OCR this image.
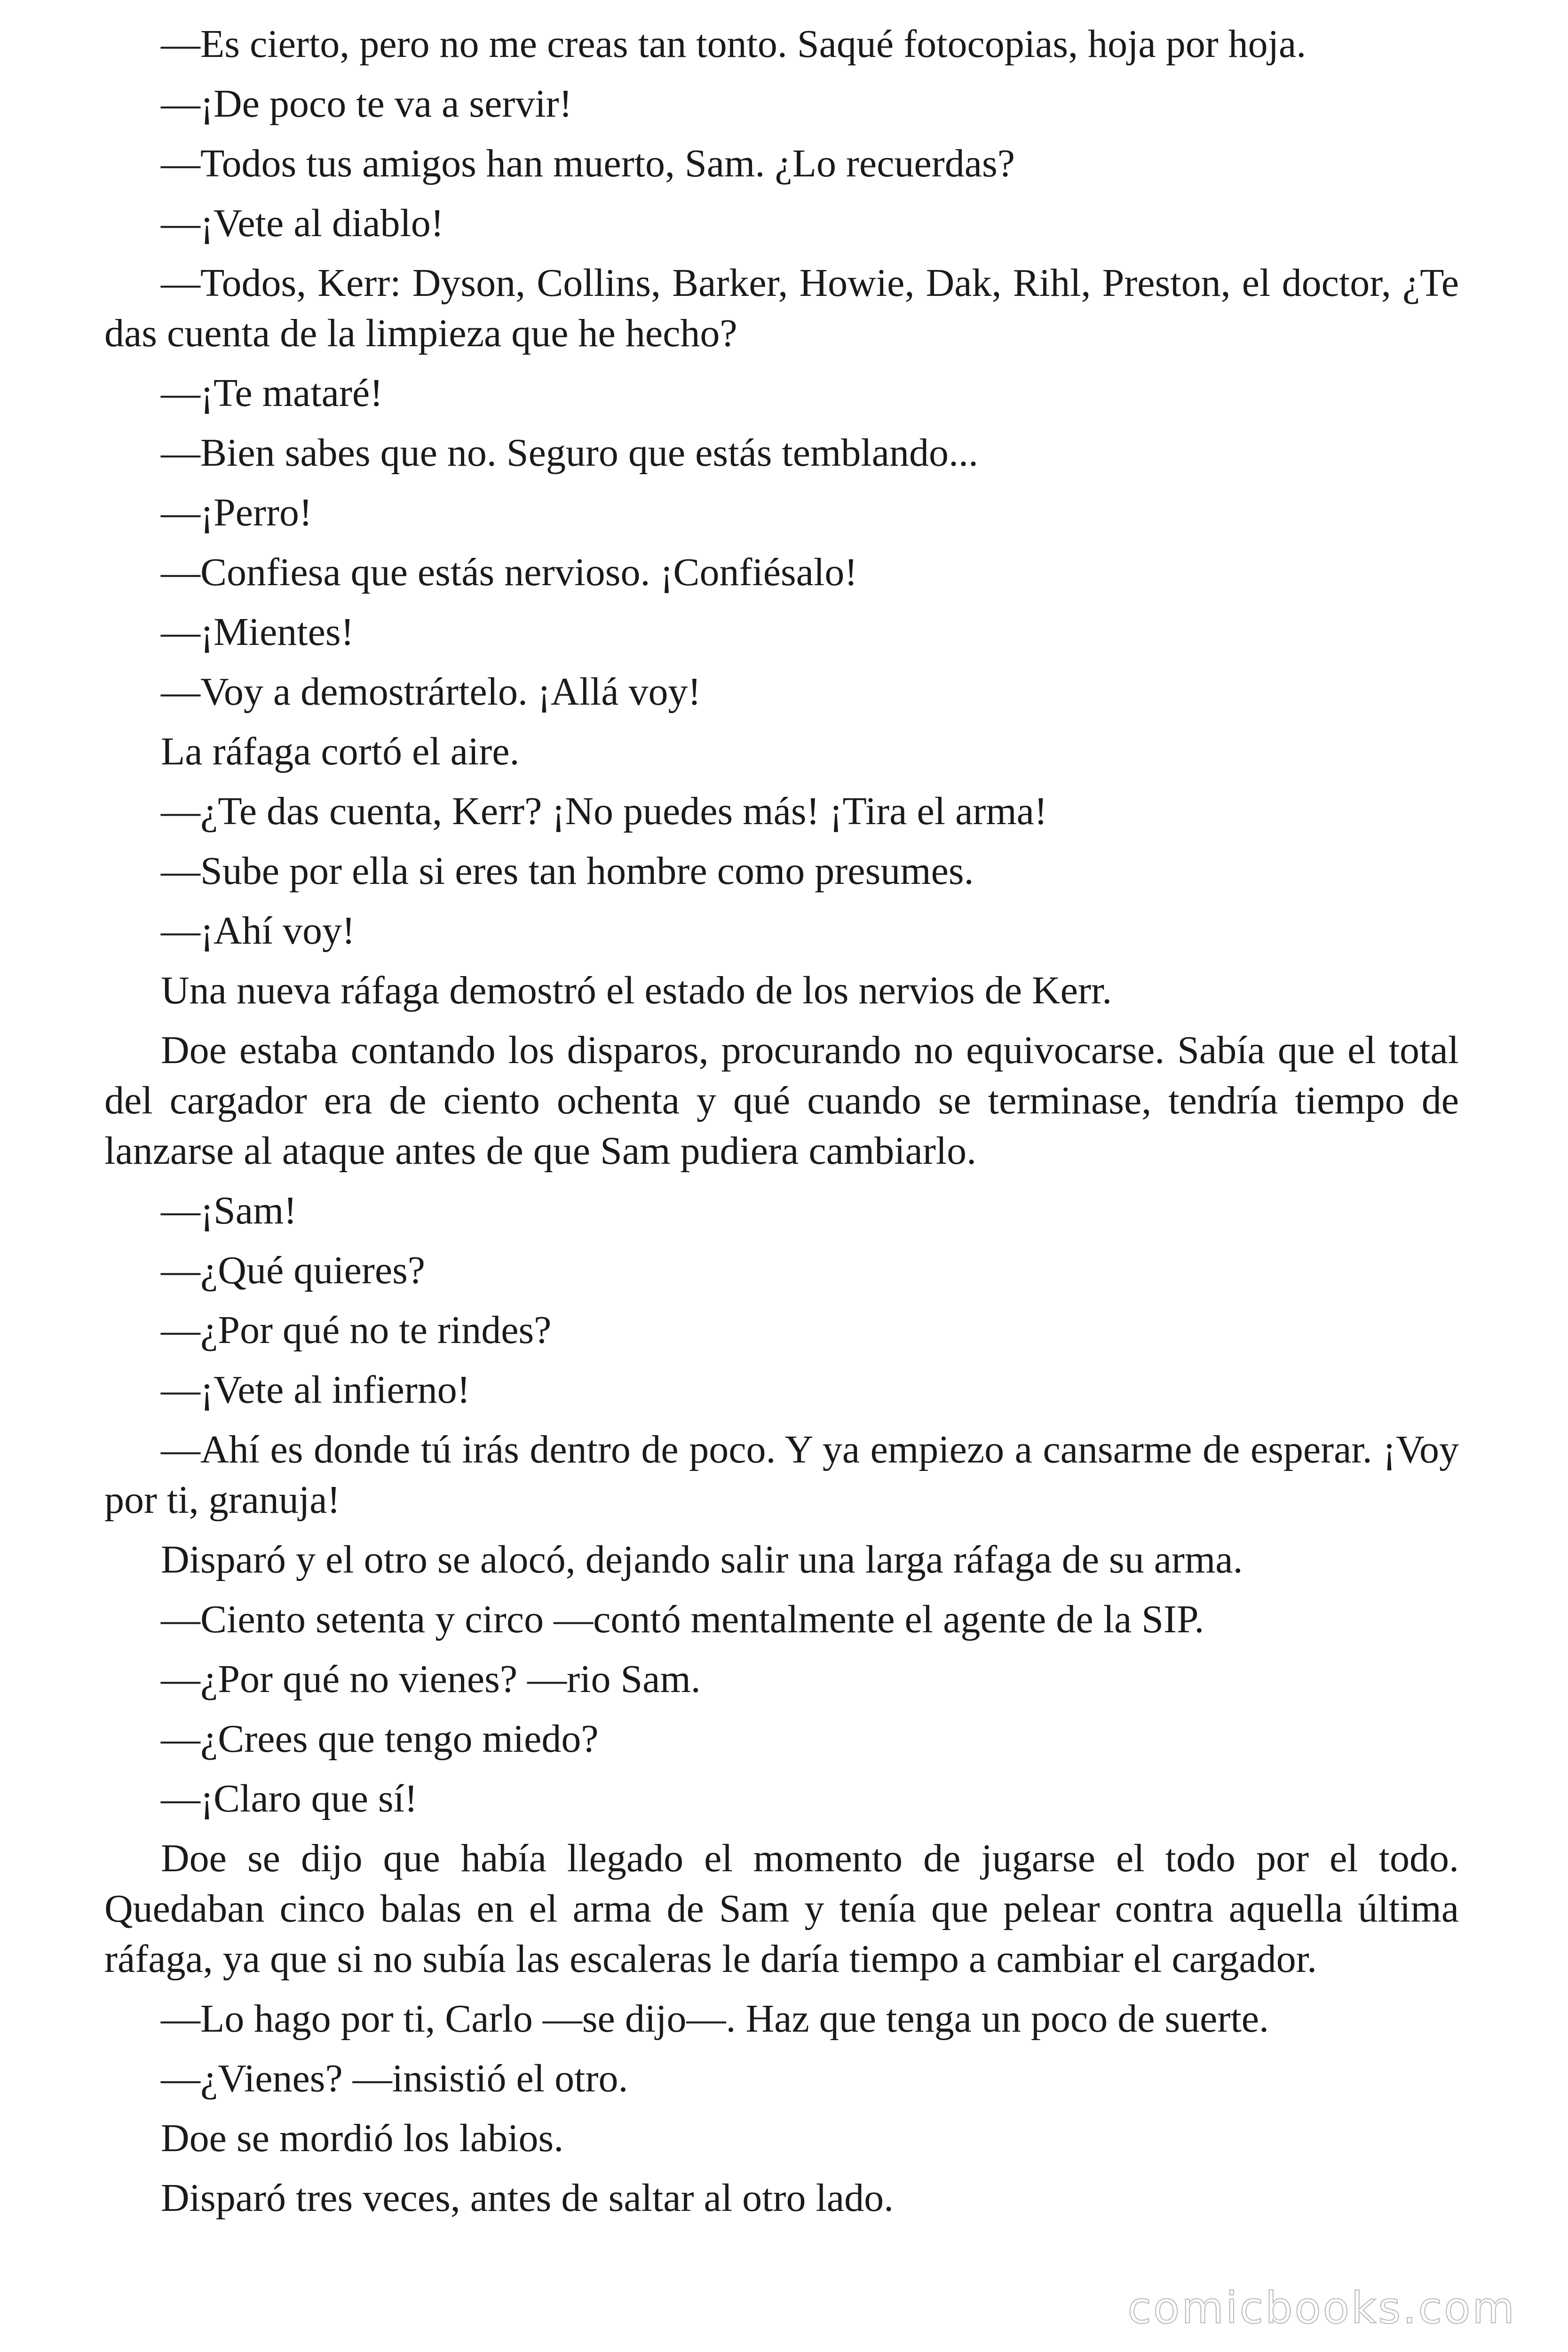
—Es cierto, pero no me creas tan tonto. Saqué fotocopias, hoja por hoja.

—¡De poco te va a servir!

—Todos tus amigos han muerto, Sam. ¿Lo recuerdas?

—¡Vete al diablo!

—Todos, Kerr: Dyson, Collins, Barker, Howie, Dak, Rihl, Preston, el doctor, ¿Te das cuenta de la limpieza que he hecho?

—¡Te mataré!

—Bien sabes que no. Seguro que estás temblando...

—¡Perro!

—Confiesa que estás nervioso. ¡Confiésalo!

—¡Mientes!

—Voy a demostrártelo. ¡Allá voy!

La ráfaga cortó el aire.

—¿Te das cuenta, Kerr? ¡No puedes más! ¡Tira el arma!

—Sube por ella si eres tan hombre como presumes.

—¡Ahí voy!

Una nueva ráfaga demostró el estado de los nervios de Kerr.

Doe estaba contando los disparos, procurando no equivocarse. Sabía que el total del cargador era de ciento ochenta y qué cuando se terminase, tendría tiempo de lanzarse al ataque antes de que Sam pudiera cambiarlo.

—¡Sam!

—¿Qué quieres?

—¿Por qué no te rindes?

—¡Vete al infierno!

—Ahí es donde tú irás dentro de poco. Y ya empiezo a cansarme de esperar. ¡Voy por ti, granuja!

Disparó y el otro se alocó, dejando salir una larga ráfaga de su arma.

—Ciento setenta y circo —contó mentalmente el agente de la SIP.

—¿Por qué no vienes? —rio Sam.

—¿Crees que tengo miedo?

—¡Claro que sí!

Doe se dijo que había llegado el momento de jugarse el todo por el todo. Quedaban cinco balas en el arma de Sam y tenía que pelear contra aquella última ráfaga, ya que si no subía las escaleras le daría tiempo a cambiar el cargador.

—Lo hago por ti, Carlo —se dijo—. Haz que tenga un poco de suerte.

—¿Vienes? —insistió el otro.

Doe se mordió los labios.

Disparó tres veces, antes de saltar al otro lado.

comicbooks.com
